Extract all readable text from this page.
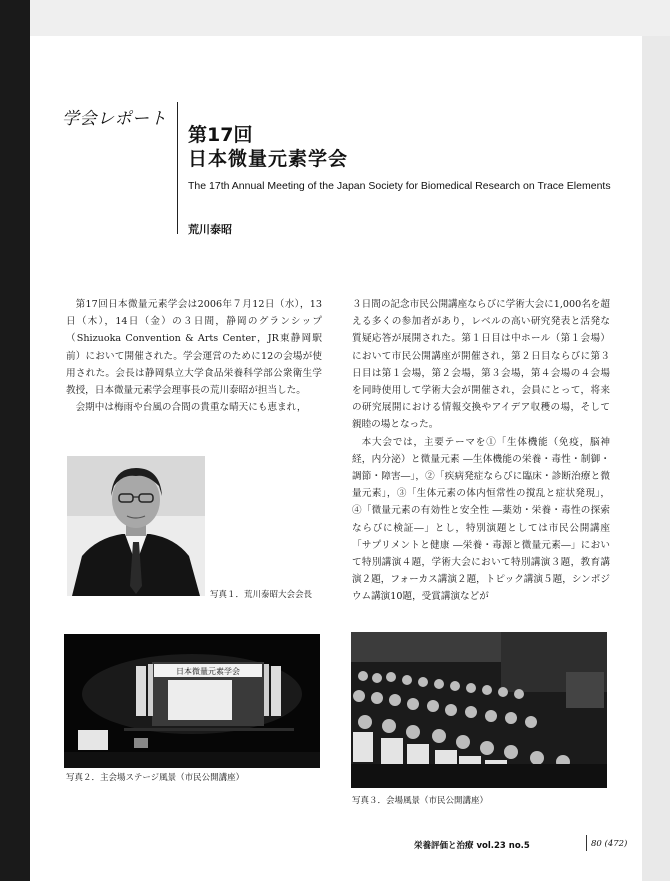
学会レポート
第17回
日本微量元素学会
The 17th Annual Meeting of the Japan Society for Biomedical Research on Trace Elements
荒川泰昭

第17回日本微量元素学会は2006年７月12日（水），13日（木），14日（金）の３日間，静岡のグランシップ（Shizuoka Convention & Arts Center，JR東静岡駅前）において開催された。学会運営のために12の会場が使用された。会長は静岡県立大学食品栄養科学部公衆衛生学教授，日本微量元素学会理事長の荒川泰昭が担当した。

会期中は梅雨や台風の合間の貴重な晴天にも恵まれ，

３日間の記念市民公開講座ならびに学術大会に1,000名を超える多くの参加者があり，レベルの高い研究発表と活発な質疑応答が展開された。第１日目は中ホール（第１会場）において市民公開講座が開催され，第２日目ならびに第３日目は第１会場，第２会場，第３会場，第４会場の４会場を同時使用して学術大会が開催され，会員にとって，将来の研究展開における情報交換やアイデア収穫の場，そして親睦の場となった。

本大会では，主要テーマを①「生体機能（免疫，脳神経，内分泌）と微量元素 ―生体機能の栄養・毒性・制御・調節・障害―」，②「疾病発症ならびに臨床・診断治療と微量元素」，③「生体元素の体内恒常性の撹乱と症状発現」，④「微量元素の有効性と安全性 ―薬効・栄養・毒性の探索ならびに検証―」とし，特別演題としては市民公開講座「サプリメントと健康 ―栄養・毒源と微量元素―」において特別講演４題，学術大会において特別講演３題，教育講演２題，フォーカス講演２題，トピック講演５題，シンポジウム講演10題，受賞講演などが

写真１．荒川泰昭大会会長
日本微量元素学会
写真２．主会場ステージ風景（市民公開講座）
写真３．会場風景（市民公開講座）
栄養評価と治療 vol.23 no.5	80 (472)
